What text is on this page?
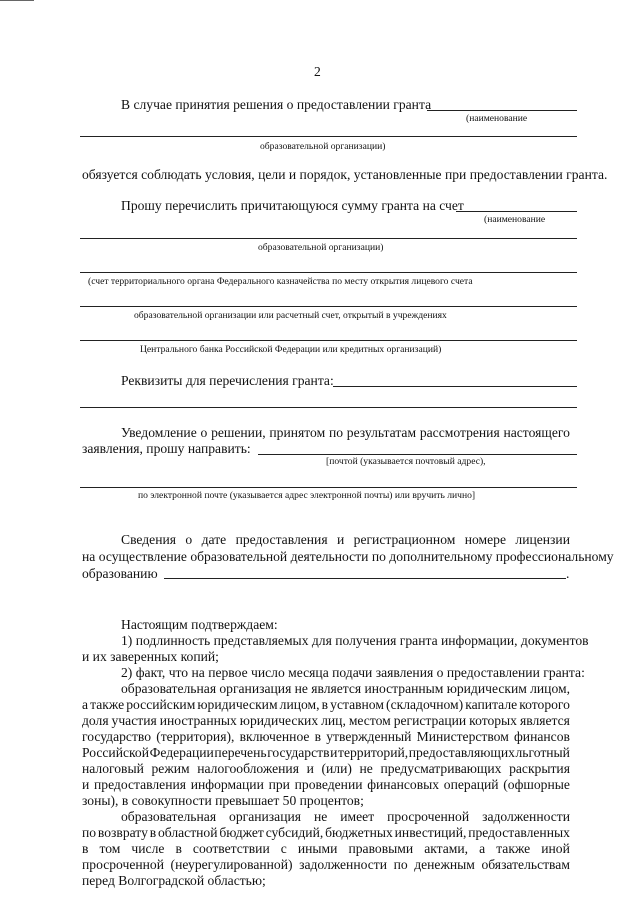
2
В случае принятия решения о предоставлении гранта
(наименование
образовательной организации)
обязуется соблюдать условия, цели и порядок, установленные при предоставлении гранта.
Прошу перечислить причитающуюся сумму гранта на счет
(наименование
образовательной организации)
(счет территориального органа Федерального казначейства по месту открытия лицевого счета
образовательной организации или расчетный счет, открытый в учреждениях
Центрального банка Российской Федерации или кредитных организаций)
Реквизиты для перечисления гранта:
Уведомление о решении, принятом по результатам рассмотрения настоящего
заявления, прошу направить:
[почтой (указывается почтовый адрес),
по электронной почте (указывается адрес электронной почты) или вручить лично]
Сведения о дате предоставления и регистрационном номере лицензии
на осуществление образовательной деятельности по дополнительному профессиональному
образованию	.
Настоящим подтверждаем:
1) подлинность представляемых для получения гранта информации, документов
и их заверенных копий;
2) факт, что на первое число месяца подачи заявления о предоставлении гранта:
образовательная организация не является иностранным юридическим лицом,
а также российским юридическим лицом, в уставном (складочном) капитале которого
доля участия иностранных юридических лиц, местом регистрации которых является
государство (территория), включенное в утвержденный Министерством финансов
Российской Федерации перечень государств и территорий, предоставляющих льготный
налоговый режим налогообложения и (или) не предусматривающих раскрытия
и предоставления информации при проведении финансовых операций (офшорные
зоны), в совокупности превышает 50 процентов;
образовательная организация не имеет просроченной задолженности
по возврату в областной бюджет субсидий, бюджетных инвестиций, предоставленных
в том числе в соответствии с иными правовыми актами, а также иной
просроченной (неурегулированной) задолженности по денежным обязательствам
перед Волгоградской областью;
